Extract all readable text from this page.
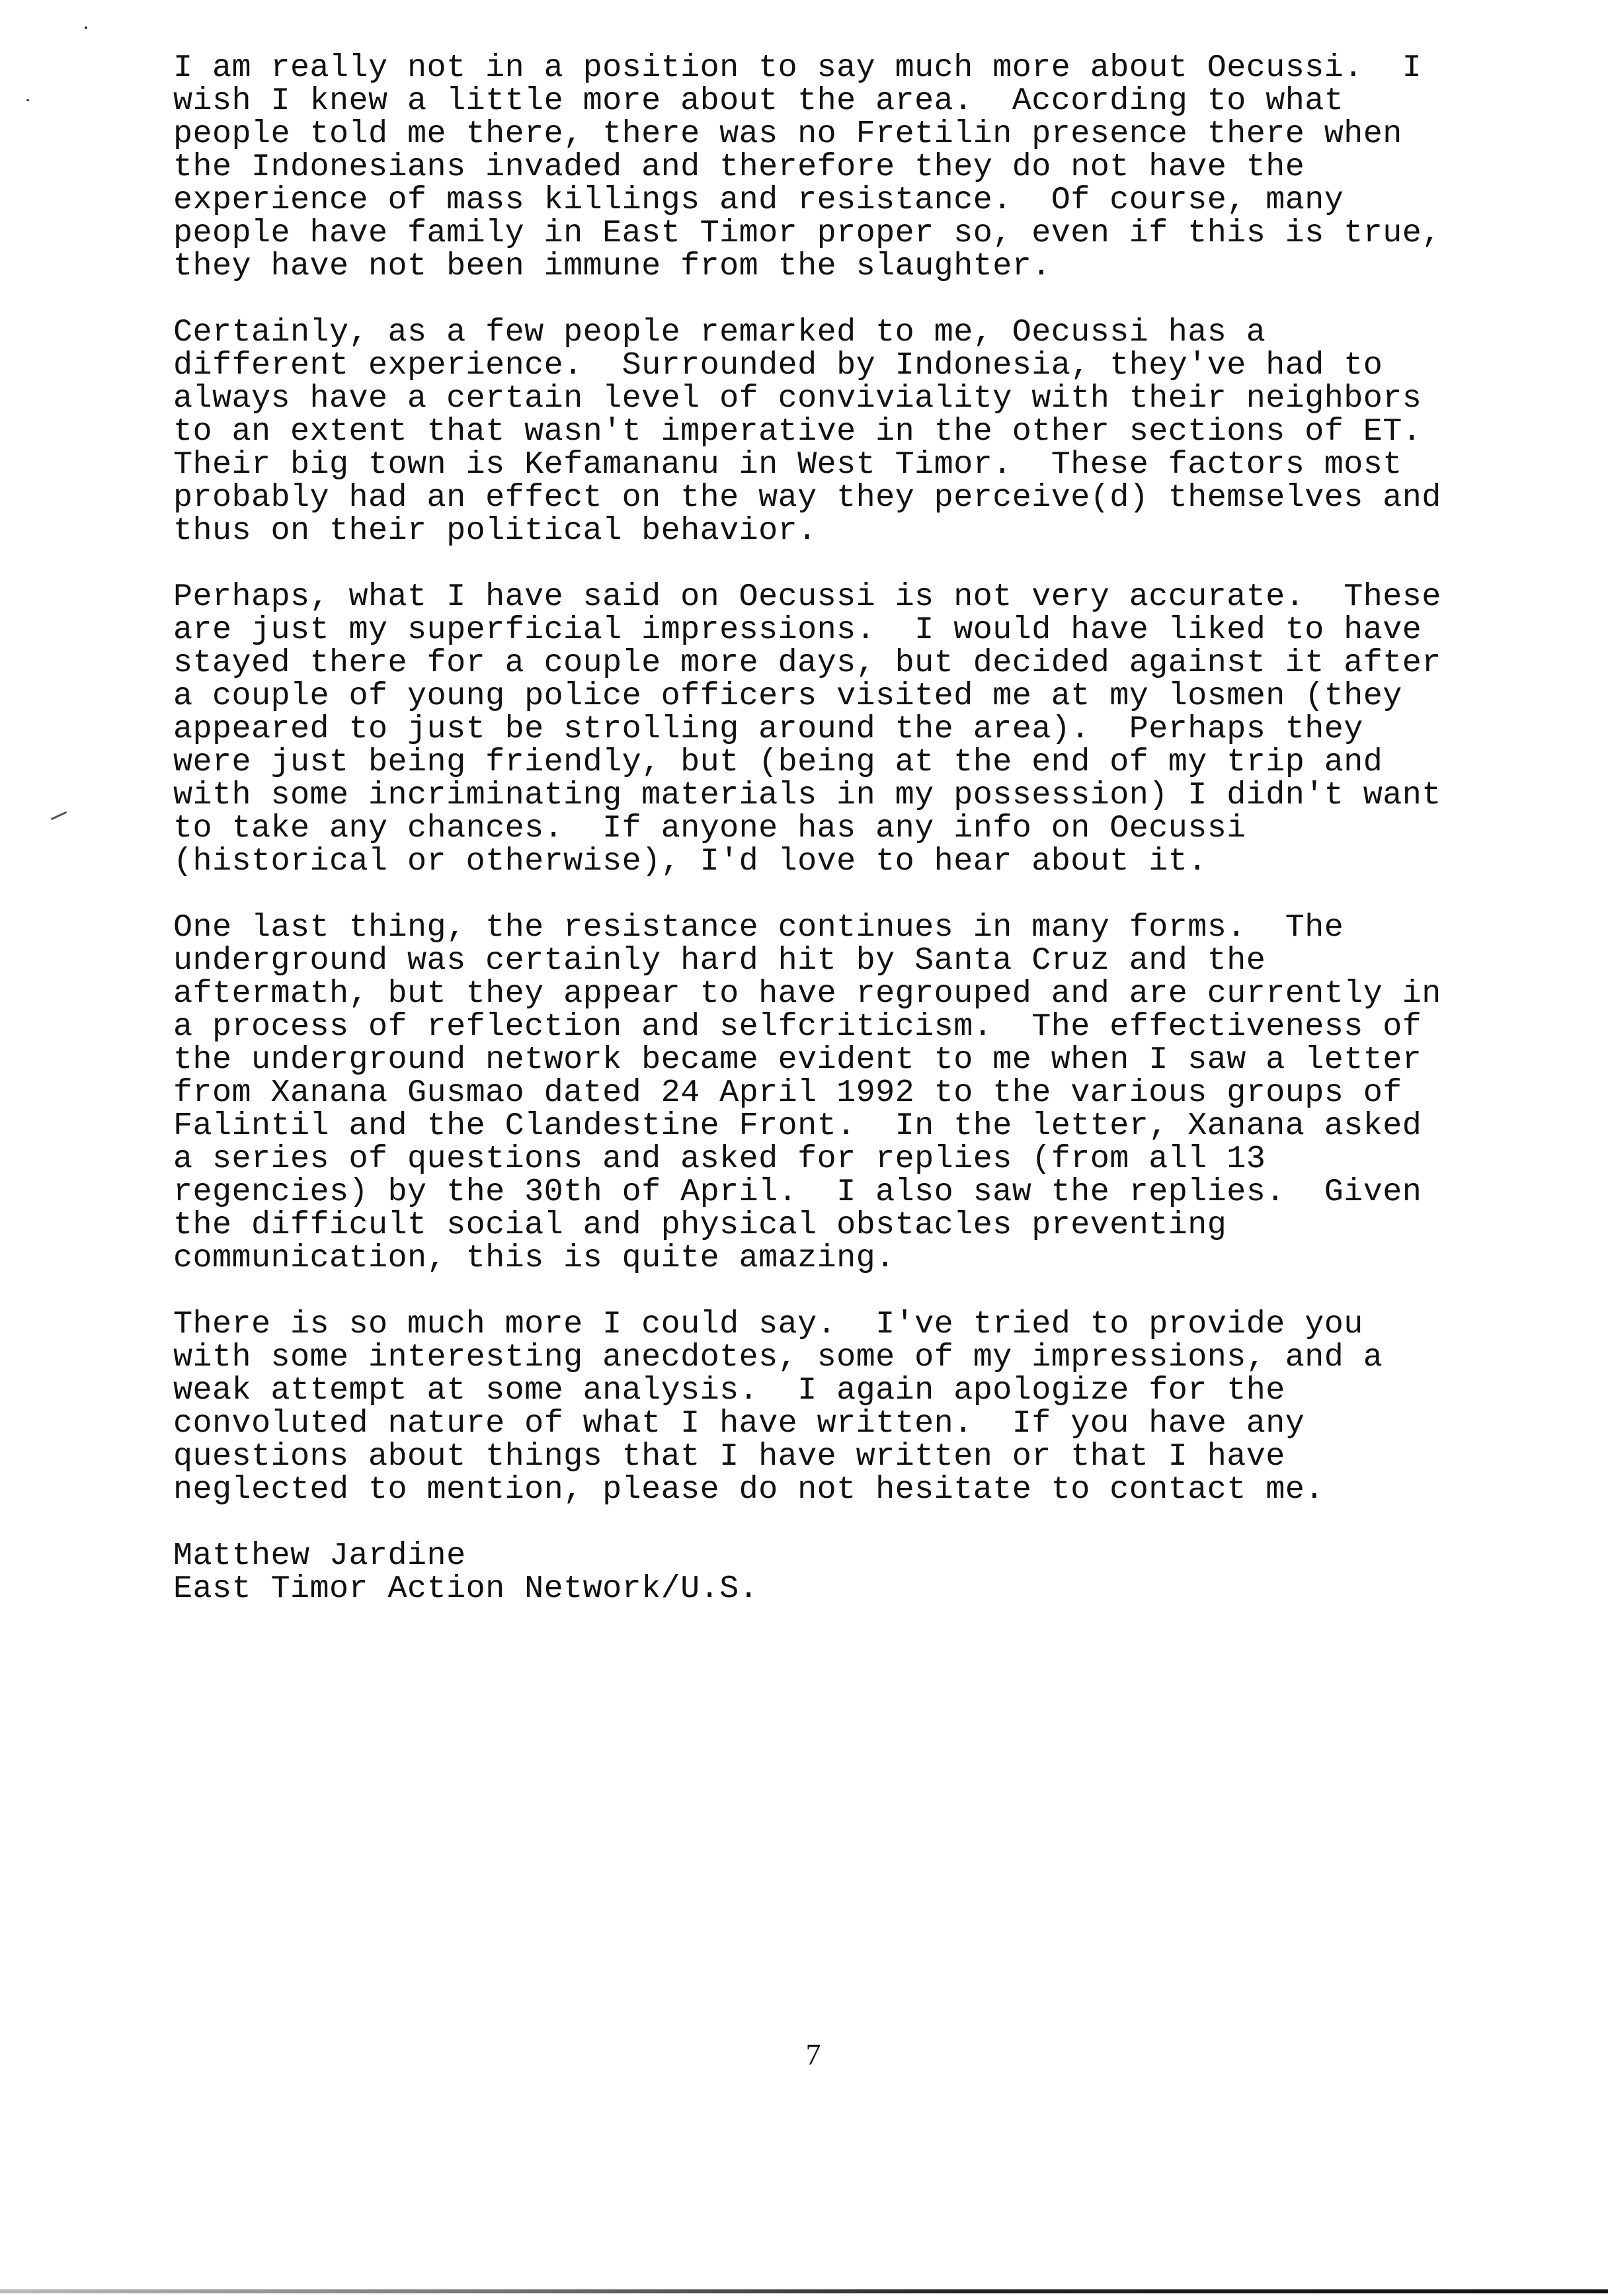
I am really not in a position to say much more about Oecussi.  I
wish I knew a little more about the area.  According to what
people told me there, there was no Fretilin presence there when
the Indonesians invaded and therefore they do not have the
experience of mass killings and resistance.  Of course, many
people have family in East Timor proper so, even if this is true,
they have not been immune from the slaughter.
Certainly, as a few people remarked to me, Oecussi has a
different experience.  Surrounded by Indonesia, they've had to
always have a certain level of conviviality with their neighbors
to an extent that wasn't imperative in the other sections of ET.
Their big town is Kefamananu in West Timor.  These factors most
probably had an effect on the way they perceive(d) themselves and
thus on their political behavior.
Perhaps, what I have said on Oecussi is not very accurate.  These
are just my superficial impressions.  I would have liked to have
stayed there for a couple more days, but decided against it after
a couple of young police officers visited me at my losmen (they
appeared to just be strolling around the area).  Perhaps they
were just being friendly, but (being at the end of my trip and
with some incriminating materials in my possession) I didn't want
to take any chances.  If anyone has any info on Oecussi
(historical or otherwise), I'd love to hear about it.
One last thing, the resistance continues in many forms.  The
underground was certainly hard hit by Santa Cruz and the
aftermath, but they appear to have regrouped and are currently in
a process of reflection and selfcriticism.  The effectiveness of
the underground network became evident to me when I saw a letter
from Xanana Gusmao dated 24 April 1992 to the various groups of
Falintil and the Clandestine Front.  In the letter, Xanana asked
a series of questions and asked for replies (from all 13
regencies) by the 30th of April.  I also saw the replies.  Given
the difficult social and physical obstacles preventing
communication, this is quite amazing.
There is so much more I could say.  I've tried to provide you
with some interesting anecdotes, some of my impressions, and a
weak attempt at some analysis.  I again apologize for the
convoluted nature of what I have written.  If you have any
questions about things that I have written or that I have
neglected to mention, please do not hesitate to contact me.
Matthew Jardine
East Timor Action Network/U.S.
7
